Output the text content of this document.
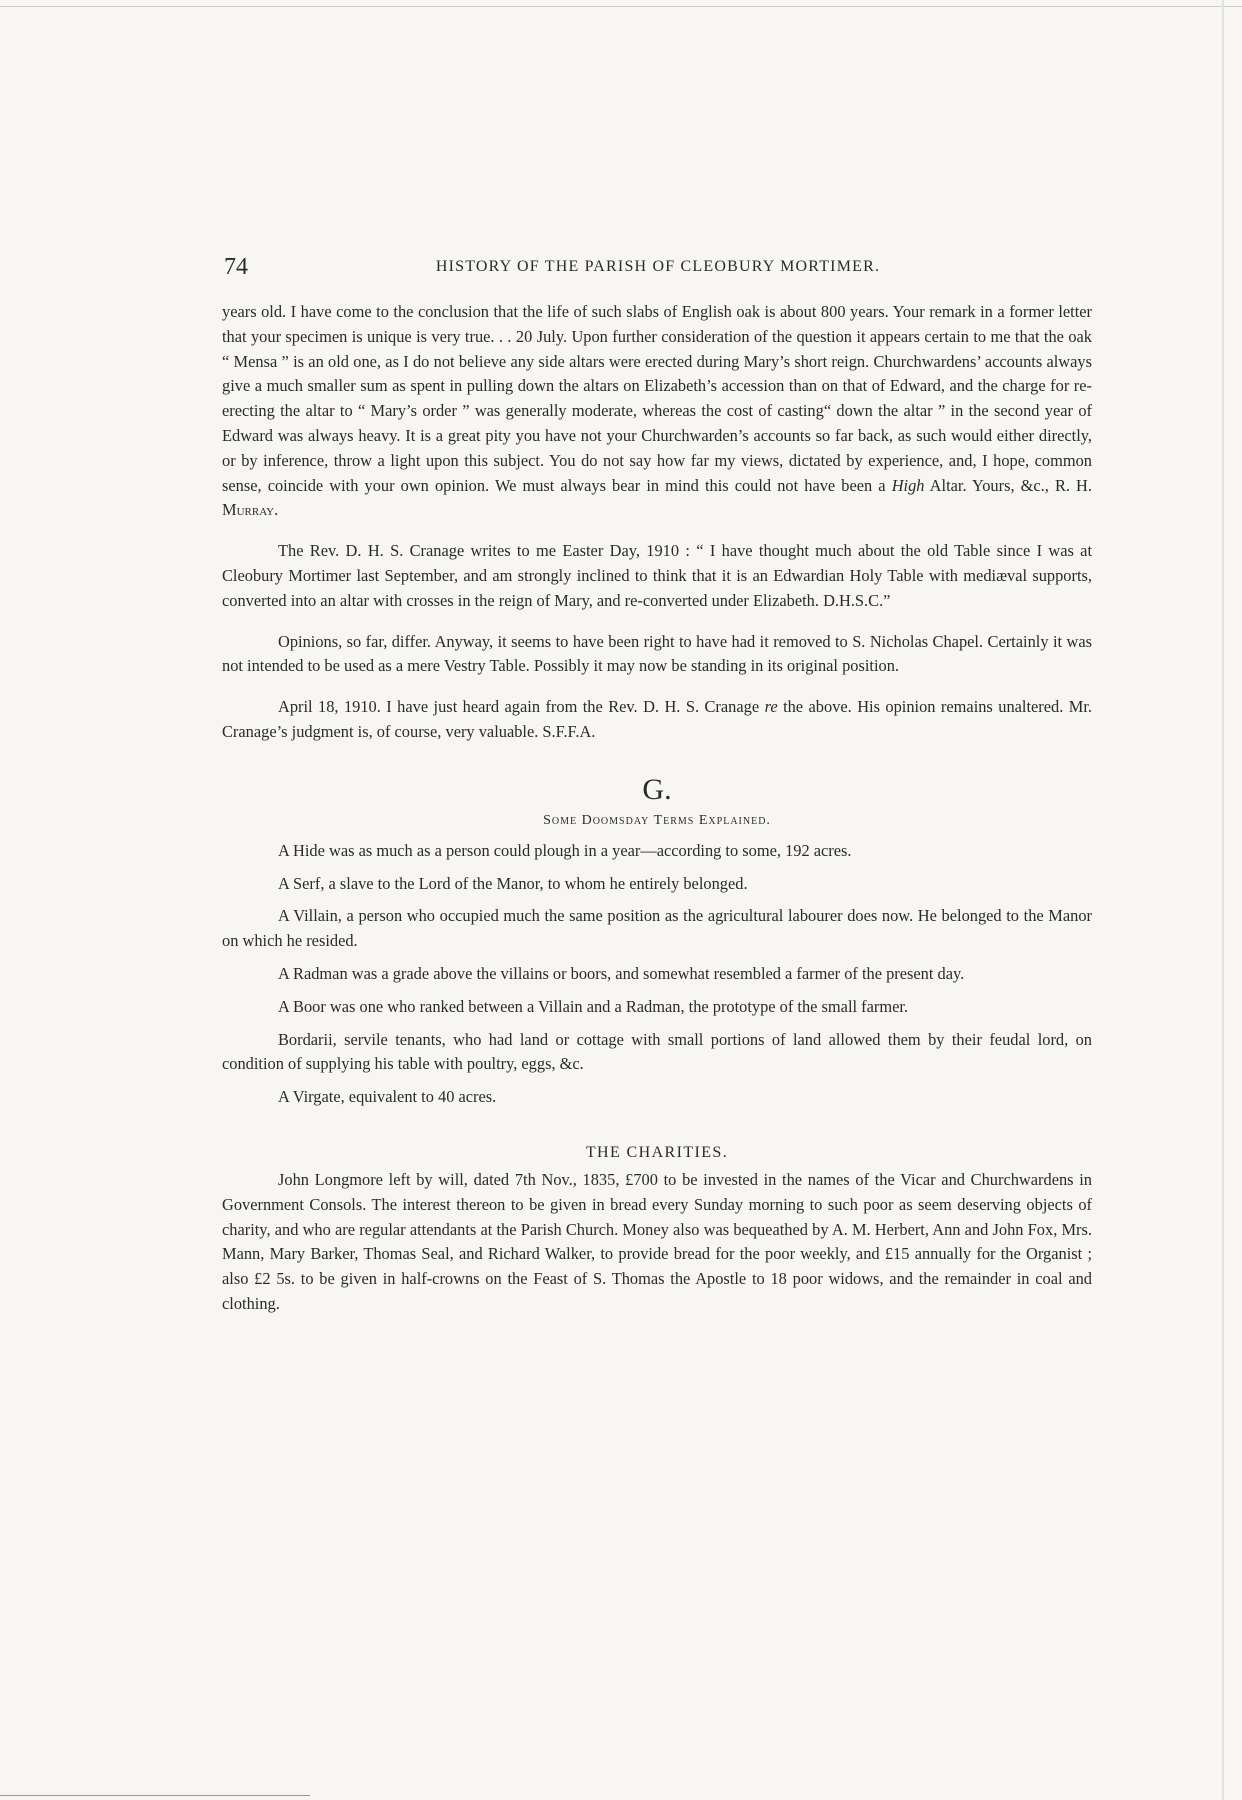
74	HISTORY OF THE PARISH OF CLEOBURY MORTIMER.

years old. I have come to the conclusion that the life of such slabs of English oak is about 800 years. Your remark in a former letter that your specimen is unique is very true. . . 20 July. Upon further consideration of the question it appears certain to me that the oak “ Mensa ” is an old one, as I do not believe any side altars were erected during Mary’s short reign. Churchwardens’ accounts always give a much smaller sum as spent in pulling down the altars on Elizabeth’s accession than on that of Edward, and the charge for re-erecting the altar to “ Mary’s order ” was generally moderate, whereas the cost of casting“ down the altar ” in the second year of Edward was always heavy. It is a great pity you have not your Churchwarden’s accounts so far back, as such would either directly, or by inference, throw a light upon this subject. You do not say how far my views, dictated by experience, and, I hope, common sense, coincide with your own opinion. We must always bear in mind this could not have been a High Altar. Yours, &c., R. H. Murray.

The Rev. D. H. S. Cranage writes to me Easter Day, 1910 : “ I have thought much about the old Table since I was at Cleobury Mortimer last September, and am strongly inclined to think that it is an Edwardian Holy Table with mediæval supports, converted into an altar with crosses in the reign of Mary, and re-converted under Elizabeth. D.H.S.C.”

Opinions, so far, differ. Anyway, it seems to have been right to have had it removed to S. Nicholas Chapel. Certainly it was not intended to be used as a mere Vestry Table. Possibly it may now be standing in its original position.

April 18, 1910. I have just heard again from the Rev. D. H. S. Cranage re the above. His opinion remains unaltered. Mr. Cranage’s judgment is, of course, very valuable. S.F.F.A.

G.
Some Doomsday Terms Explained.

A Hide was as much as a person could plough in a year—according to some, 192 acres.

A Serf, a slave to the Lord of the Manor, to whom he entirely belonged.

A Villain, a person who occupied much the same position as the agricultural labourer does now. He belonged to the Manor on which he resided.

A Radman was a grade above the villains or boors, and somewhat resembled a farmer of the present day.

A Boor was one who ranked between a Villain and a Radman, the prototype of the small farmer.

Bordarii, servile tenants, who had land or cottage with small portions of land allowed them by their feudal lord, on condition of supplying his table with poultry, eggs, &c.

A Virgate, equivalent to 40 acres.

THE CHARITIES.

John Longmore left by will, dated 7th Nov., 1835, £700 to be invested in the names of the Vicar and Churchwardens in Government Consols. The interest thereon to be given in bread every Sunday morning to such poor as seem deserving objects of charity, and who are regular attendants at the Parish Church. Money also was bequeathed by A. M. Herbert, Ann and John Fox, Mrs. Mann, Mary Barker, Thomas Seal, and Richard Walker, to provide bread for the poor weekly, and £15 annually for the Organist ; also £2 5s. to be given in half-crowns on the Feast of S. Thomas the Apostle to 18 poor widows, and the remainder in coal and clothing.
